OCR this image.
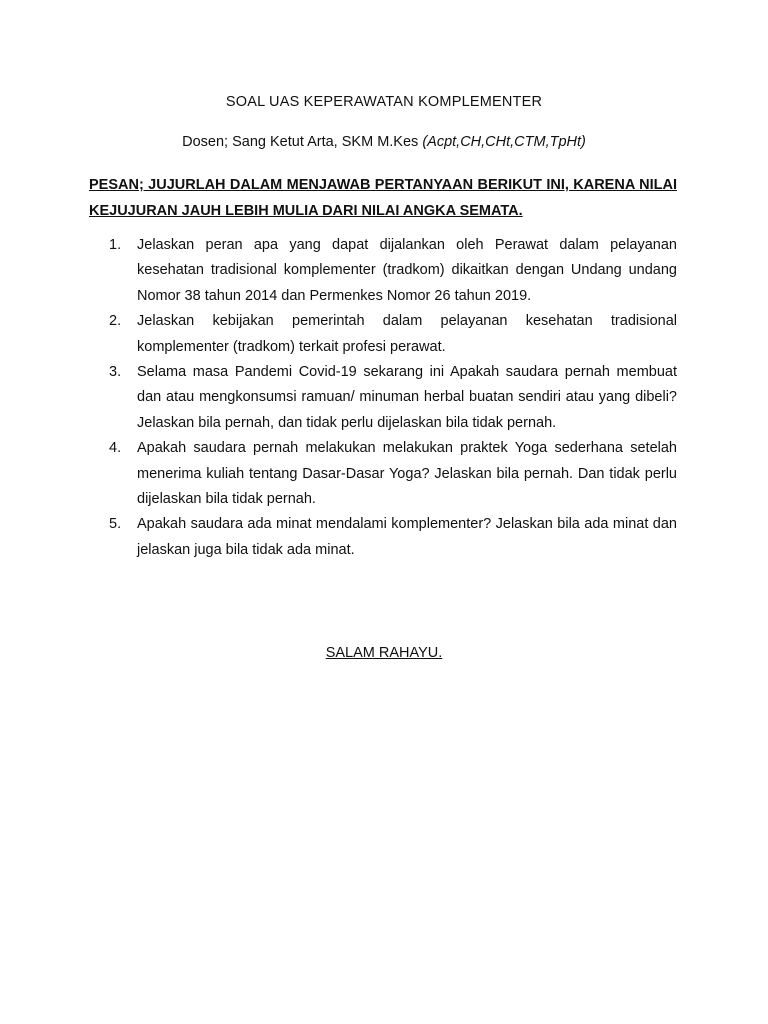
SOAL UAS KEPERAWATAN KOMPLEMENTER
Dosen; Sang Ketut Arta, SKM M.Kes (Acpt,CH,CHt,CTM,TpHt)
PESAN; JUJURLAH DALAM MENJAWAB PERTANYAAN BERIKUT INI, KARENA NILAI KEJUJURAN JAUH LEBIH MULIA DARI NILAI ANGKA SEMATA.
1. Jelaskan peran apa yang dapat dijalankan oleh Perawat dalam pelayanan kesehatan tradisional komplementer (tradkom) dikaitkan dengan Undang undang Nomor 38 tahun 2014 dan Permenkes Nomor 26 tahun 2019.
2. Jelaskan kebijakan pemerintah dalam pelayanan kesehatan tradisional komplementer (tradkom) terkait profesi perawat.
3. Selama masa Pandemi Covid-19 sekarang ini Apakah saudara pernah membuat dan atau mengkonsumsi ramuan/ minuman herbal buatan sendiri atau yang dibeli? Jelaskan bila pernah, dan tidak perlu dijelaskan bila tidak pernah.
4. Apakah saudara pernah melakukan melakukan praktek Yoga sederhana setelah menerima kuliah tentang Dasar-Dasar Yoga? Jelaskan bila pernah. Dan tidak perlu dijelaskan bila tidak pernah.
5. Apakah saudara ada minat mendalami komplementer? Jelaskan bila ada minat dan jelaskan juga bila tidak ada minat.
SALAM RAHAYU.
